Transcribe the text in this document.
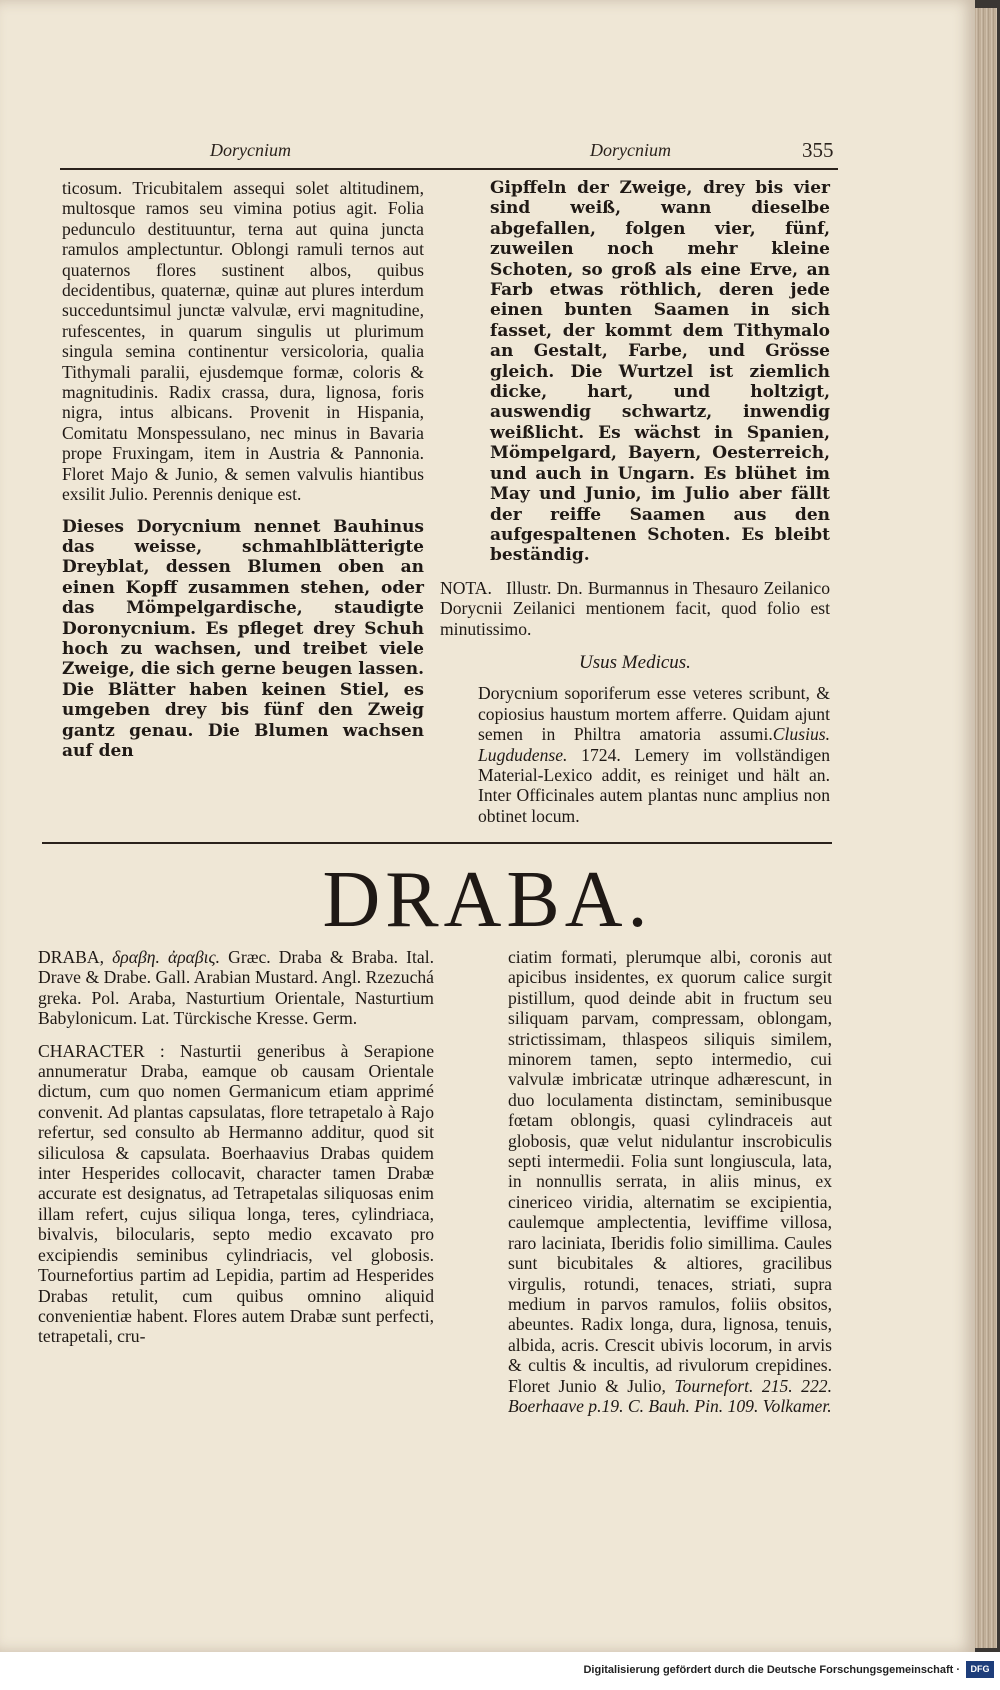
Dorycnium	Dorycnium	355

ticosum. Tricubitalem assequi solet altitudinem, multosque ramos seu vimina potius agit. Folia pedunculo destituuntur, terna aut quina juncta ramulos amplectuntur. Oblongi ramuli ternos aut quaternos flores sustinent albos, quibus decidentibus, quaternæ, quinæ aut plures interdum succeduntsimul junctæ valvulæ, ervi magnitudine, rufescentes, in quarum singulis ut plurimum singula semina continentur versicoloria, qualia Tithymali paralii, ejusdemque formæ, coloris & magnitudinis. Radix crassa, dura, lignosa, foris nigra, intus albicans. Provenit in Hispania, Comitatu Monspessulano, nec minus in Bavaria prope Fruxingam, item in Austria & Pannonia. Floret Majo & Junio, & semen valvulis hiantibus exsilit Julio. Perennis denique est.

Dieses Dorycnium nennet Bauhinus das weisse, schmahlblätterigte Dreyblat, dessen Blumen oben an einen Kopff zusammen stehen, oder das Mömpelgardische, staudigte Doronycnium. Es pfleget drey Schuh hoch zu wachsen, und treibet viele Zweige, die sich gerne beugen lassen. Die Blätter haben keinen Stiel, es umgeben drey bis fünf den Zweig gantz genau. Die Blumen wachsen auf den

Gipffeln der Zweige, drey bis vier sind weiß, wann dieselbe abgefallen, folgen vier, fünf, zuweilen noch mehr kleine Schoten, so groß als eine Erve, an Farb etwas röthlich, deren jede einen bunten Saamen in sich fasset, der kommt dem Tithymalo an Gestalt, Farbe, und Grösse gleich. Die Wurtzel ist ziemlich dicke, hart, und holtzigt, auswendig schwartz, inwendig weißlicht. Es wächst in Spanien, Mömpelgard, Bayern, Oesterreich, und auch in Ungarn. Es blühet im May und Junio, im Julio aber fällt der reiffe Saamen aus den aufgespaltenen Schoten. Es bleibt beständig.

NOTA. Illustr. Dn. Burmannus in Thesauro Zeilanico Dorycnii Zeilanici mentionem facit, quod folio est minutissimo.

Usus Medicus.

Dorycnium soporiferum esse veteres scribunt, & copiosius haustum mortem afferre. Quidam ajunt semen in Philtra amatoria assumi.Clusius. Lugdudense. 1724. Lemery im vollständigen Material-Lexico addit, es reiniget und hält an. Inter Officinales autem plantas nunc amplius non obtinet locum.

DRABA.

DRABA, δραβη. ἀραβις. Græc. Draba & Braba. Ital. Drave & Drabe. Gall. Arabian Mustard. Angl. Rzezuchá greka. Pol. Araba, Nasturtium Orientale, Nasturtium Babylonicum. Lat. Türckische Kresse. Germ.

CHARACTER : Nasturtii generibus à Serapione annumeratur Draba, eamque ob causam Orientale dictum, cum quo nomen Germanicum etiam apprimé convenit. Ad plantas capsulatas, flore tetrapetalo à Rajo refertur, sed consulto ab Hermanno additur, quod sit siliculosa & capsulata. Boerhaavius Drabas quidem inter Hesperides collocavit, character tamen Drabæ accurate est designatus, ad Tetrapetalas siliquosas enim illam refert, cujus siliqua longa, teres, cylindriaca, bivalvis, bilocularis, septo medio excavato pro excipiendis seminibus cylindriacis, vel globosis. Tournefortius partim ad Lepidia, partim ad Hesperides Drabas retulit, cum quibus omnino aliquid convenientiæ habent. Flores autem Drabæ sunt perfecti, tetrapetali, cru-

ciatim formati, plerumque albi, coronis aut apicibus insidentes, ex quorum calice surgit pistillum, quod deinde abit in fructum seu siliquam parvam, compressam, oblongam, strictissimam, thlaspeos siliquis similem, minorem tamen, septo intermedio, cui valvulæ imbricatæ utrinque adhærescunt, in duo loculamenta distinctam, seminibusque fœtam oblongis, quasi cylindraceis aut globosis, quæ velut nidulantur inscrobiculis septi intermedii. Folia sunt longiuscula, lata, in nonnullis serrata, in aliis minus, ex cinericeo viridia, alternatim se excipientia, caulemque amplectentia, leviffime villosa, raro laciniata, Iberidis folio simillima. Caules sunt bicubitales & altiores, gracilibus virgulis, rotundi, tenaces, striati, supra medium in parvos ramulos, foliis obsitos, abeuntes. Radix longa, dura, lignosa, tenuis, albida, acris. Crescit ubivis locorum, in arvis & cultis & incultis, ad rivulorum crepidines. Floret Junio & Julio, Tournefort. 215. 222. Boerhaave p.19. C. Bauh. Pin. 109. Volkamer.

Digitalisierung gefördert durch die Deutsche Forschungsgemeinschaft ·	DFG
